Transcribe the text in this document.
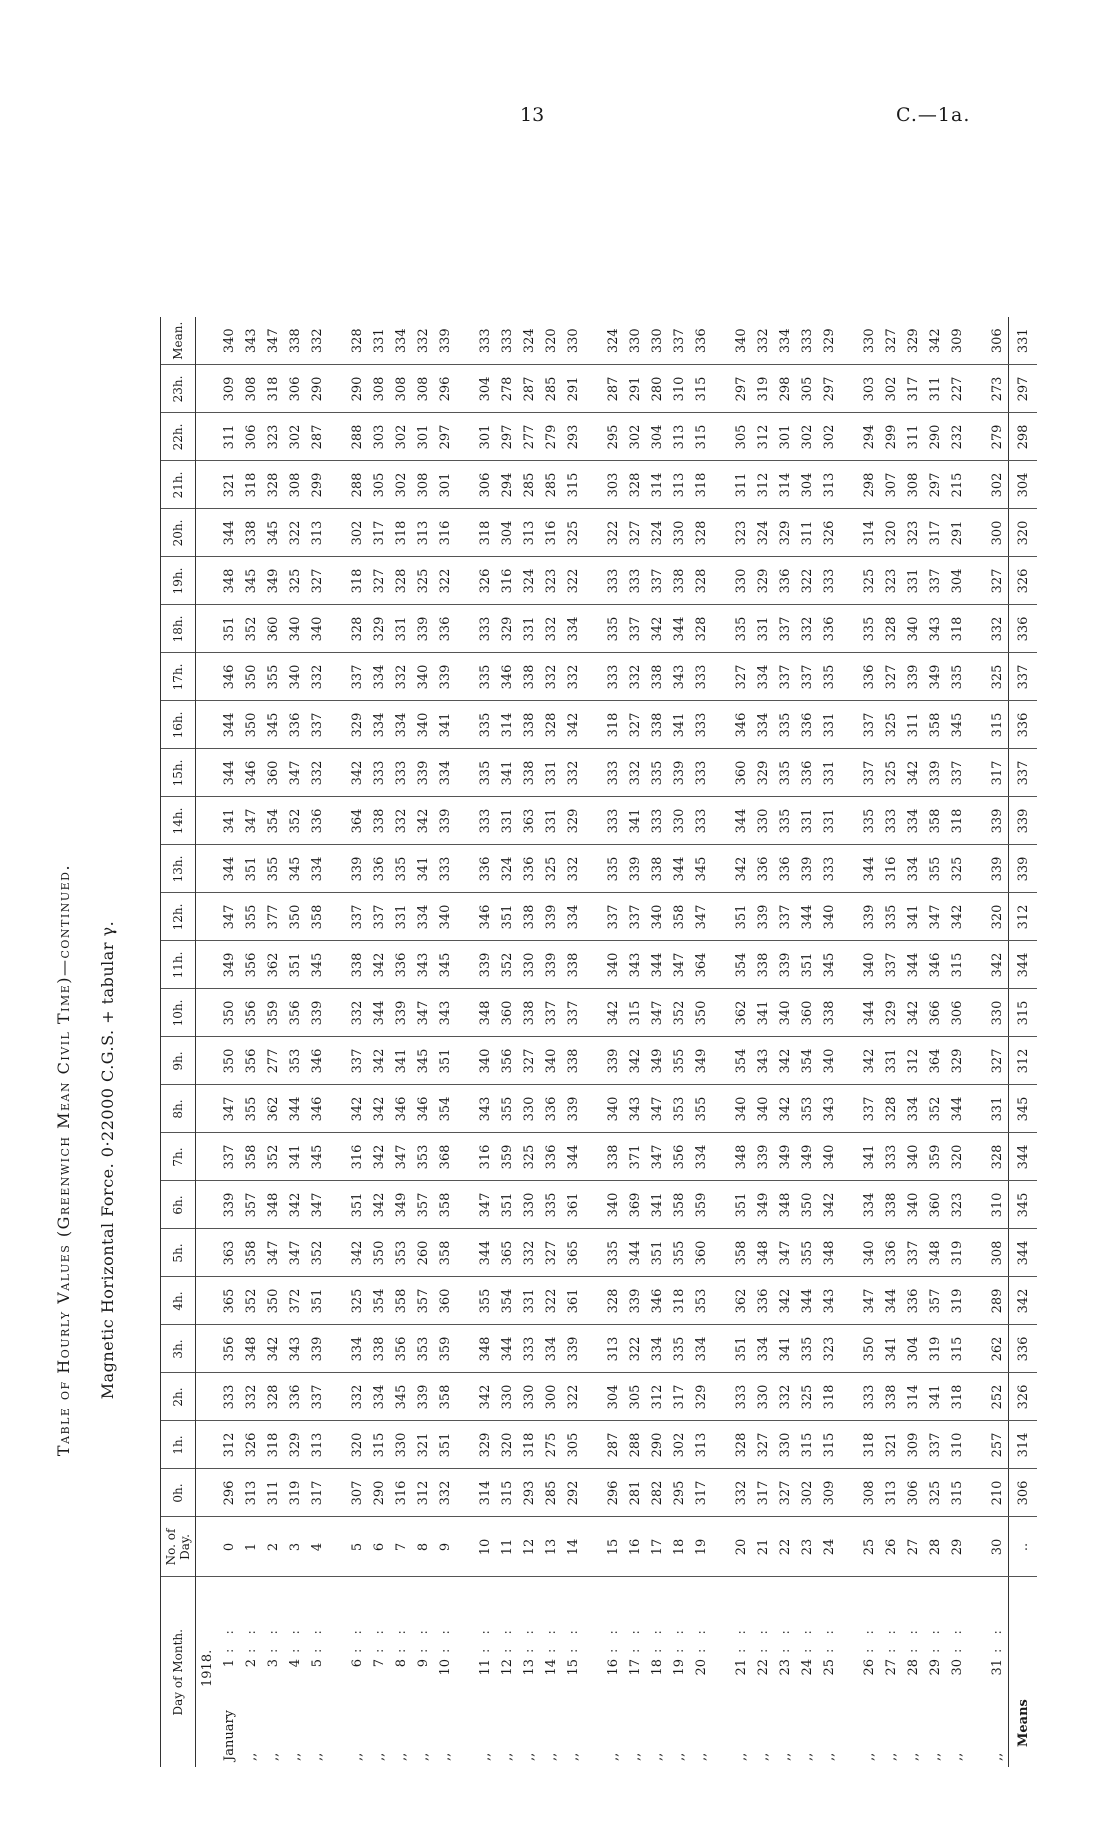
13	C.—1a.
Table of Hourly Values (Greenwich Mean Civil Time)—continued. Magnetic Horizontal Force. 0·22000 C.G.S. + tabular γ.
Day of Month.	No. of Day.	0h.	1h.	2h.	3h.	4h.	5h.	6h.	7h.	8h.	9h.	10h.	11h.	12h.	13h.	14h.	15h.	16h.	17h.	18h.	19h.	20h.	21h.	22h.	23h.	Mean.
1918.																										
January1: :	0	296	312	333	356	365	363	339	337	347	350	350	349	347	344	341	344	344	346	351	348	344	321	311	309	340
,,2: :	1	313	326	332	348	352	358	357	358	355	356	356	356	355	351	347	346	350	350	352	345	338	318	306	308	343
,,3: :	2	311	318	328	342	350	347	348	352	362	277	359	362	377	355	354	360	345	355	360	349	345	328	323	318	347
,,4: :	3	319	329	336	343	372	347	342	341	344	353	356	351	350	345	352	347	336	340	340	325	322	308	302	306	338
,,5: :	4	317	313	337	339	351	352	347	345	346	346	339	345	358	334	336	332	337	332	340	327	313	299	287	290	332

,,6: :	5	307	320	332	334	325	342	351	316	342	337	332	338	337	339	364	342	329	337	328	318	302	288	288	290	328
,,7: :	6	290	315	334	338	354	350	342	342	342	342	344	342	337	336	338	333	334	334	329	327	317	305	303	308	331
,,8: :	7	316	330	345	356	358	353	349	347	346	341	339	336	331	335	332	333	334	332	331	328	318	302	302	308	334
,,9: :	8	312	321	339	353	357	260	357	353	346	345	347	343	334	341	342	339	340	340	339	325	313	308	301	308	332
,,10: :	9	332	351	358	359	360	358	358	368	354	351	343	345	340	333	339	334	341	339	336	322	316	301	297	296	339

,,11: :	10	314	329	342	348	355	344	347	316	343	340	348	339	346	336	333	335	335	335	333	326	318	306	301	304	333
,,12: :	11	315	320	330	344	354	365	351	359	355	356	360	352	351	324	331	341	314	346	329	316	304	294	297	278	333
,,13: :	12	293	318	330	333	331	332	330	325	330	327	338	330	338	336	363	338	338	338	331	324	313	285	277	287	324
,,14: :	13	285	275	300	334	322	327	335	336	336	340	337	339	339	325	331	331	328	332	332	323	316	285	279	285	320
,,15: :	14	292	305	322	339	361	365	361	344	339	338	337	338	334	332	329	332	342	332	334	322	325	315	293	291	330

,,16: :	15	296	287	304	313	328	335	340	338	340	339	342	340	337	335	333	333	318	333	335	333	322	303	295	287	324
,,17: :	16	281	288	305	322	339	344	369	371	343	342	315	343	337	339	341	332	327	332	337	333	327	328	302	291	330
,,18: :	17	282	290	312	334	346	351	341	347	347	349	347	344	340	338	333	335	338	338	342	337	324	314	304	280	330
,,19: :	18	295	302	317	335	318	355	358	356	353	355	352	347	358	344	330	339	341	343	344	338	330	313	313	310	337
,,20: :	19	317	313	329	334	353	360	359	334	355	349	350	364	347	345	333	333	333	333	328	328	328	318	315	315	336

,,21: :	20	332	328	333	351	362	358	351	348	340	354	362	354	351	342	344	360	346	327	335	330	323	311	305	297	340
,,22: :	21	317	327	330	334	336	348	349	339	340	343	341	338	339	336	330	329	334	334	331	329	324	312	312	319	332
,,23: :	22	327	330	332	341	342	347	348	349	342	342	340	339	337	336	335	335	335	337	337	336	329	314	301	298	334
,,24: :	23	302	315	325	335	344	355	350	349	353	354	360	351	344	339	331	336	336	337	332	322	311	304	302	305	333
,,25: :	24	309	315	318	323	343	348	342	340	343	340	338	345	340	333	331	331	331	335	336	333	326	313	302	297	329

,,26: :	25	308	318	333	350	347	340	334	341	337	342	344	340	339	344	335	337	337	336	335	325	314	298	294	303	330
,,27: :	26	313	321	338	341	344	336	338	333	328	331	329	337	335	316	333	325	325	327	328	323	320	307	299	302	327
,,28: :	27	306	309	314	304	336	337	340	340	334	312	342	344	341	334	334	342	311	339	340	331	323	308	311	317	329
,,29: :	28	325	337	341	319	357	348	360	359	352	364	366	346	347	355	358	339	358	349	343	337	317	297	290	311	342
,,30: :	29	315	310	318	315	319	319	323	320	344	329	306	315	342	325	318	337	345	335	318	304	291	215	232	227	309

,,31: :	30	210	257	252	262	289	308	310	328	331	327	330	342	320	339	339	317	315	325	332	327	300	302	279	273	306
Means	..	306	314	326	336	342	344	345	344	345	312	315	344	312	339	339	337	336	337	336	326	320	304	298	297	331
